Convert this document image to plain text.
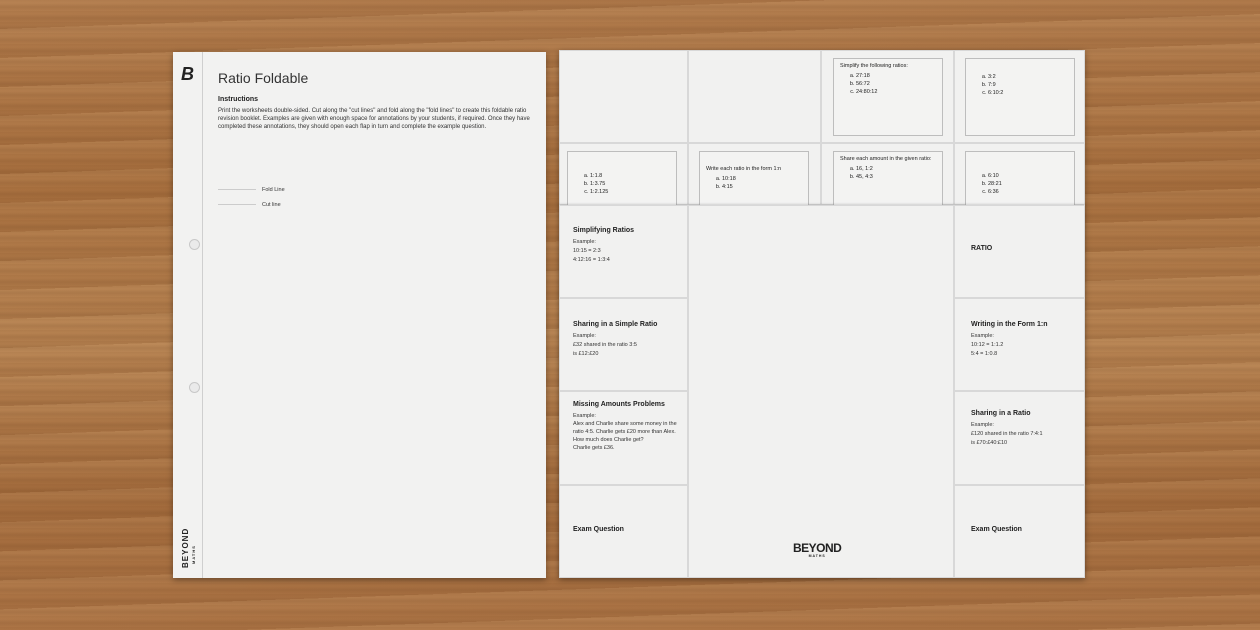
B
BEYOND MATHS
Ratio Foldable
Instructions
Print the worksheets double-sided. Cut along the "cut lines" and fold along the "fold lines" to create this foldable ratio revision booklet. Examples are given with enough space for annotations by your students, if required. Once they have completed these annotations, they should open each flap in turn and complete the example question.
Fold Line
Cut line
Simplify the following ratios:
a. 27:18
b. 56:72
c. 24:80:12
a. 3:2
b. 7:9
c. 6:10:2
a. 1:1.8
b. 1:3.75
c. 1:2.125
Write each ratio in the form 1:n
a. 10:18
b. 4:15
Share each amount in the given ratio:
a. 16, 1:2
b. 45, 4:3
a.	6:10
b. 28:21
c. 6:36
Simplifying Ratios
Example:
10:15 = 2:3
4:12:16 = 1:3:4
Sharing in a Simple Ratio
Example:
£32 shared in the ratio 3:5
is £12:£20
Missing Amounts Problems
Example:
Alex and Charlie share some money in the ratio 4:5. Charlie gets £20 more than Alex. How much does Charlie get?
Charlie gets £36.
Exam Question
RATIO
Writing in the Form 1:n
Example:
10:12 = 1:1.2
5:4 = 1:0.8
Sharing in a Ratio
Example:
£120 shared in the ratio 7:4:1
is £70:£40:£10
Exam Question
BEYOND
MATHS
